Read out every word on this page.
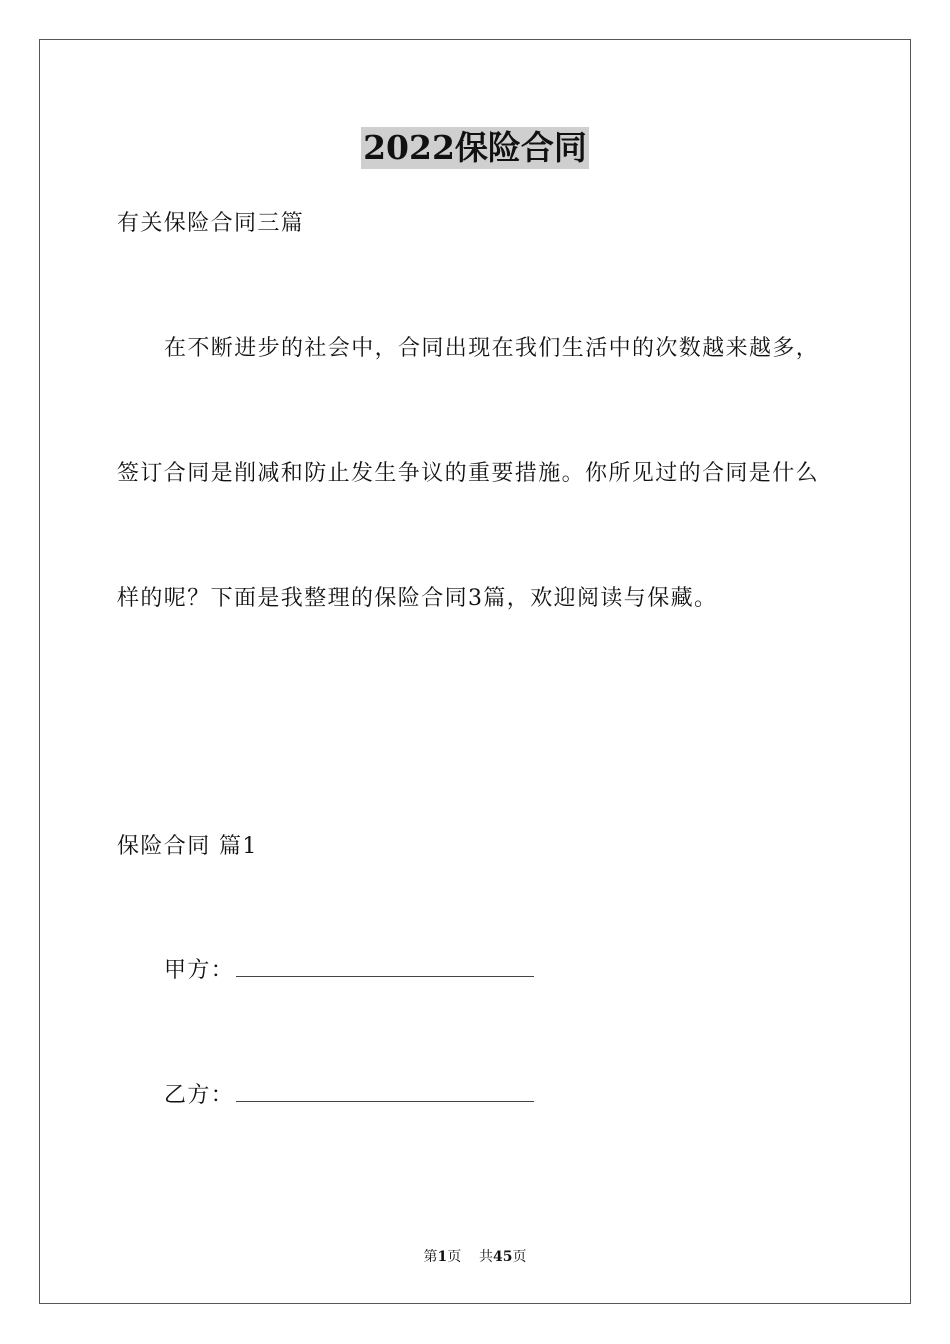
2022保险合同
有关保险合同三篇
在不断进步的社会中，合同出现在我们生活中的次数越来越多，
签订合同是削减和防止发生争议的重要措施。你所见过的合同是什么
样的呢？下面是我整理的保险合同3篇，欢迎阅读与保藏。
保险合同 篇1
甲方：
乙方：
第1页 共45页
